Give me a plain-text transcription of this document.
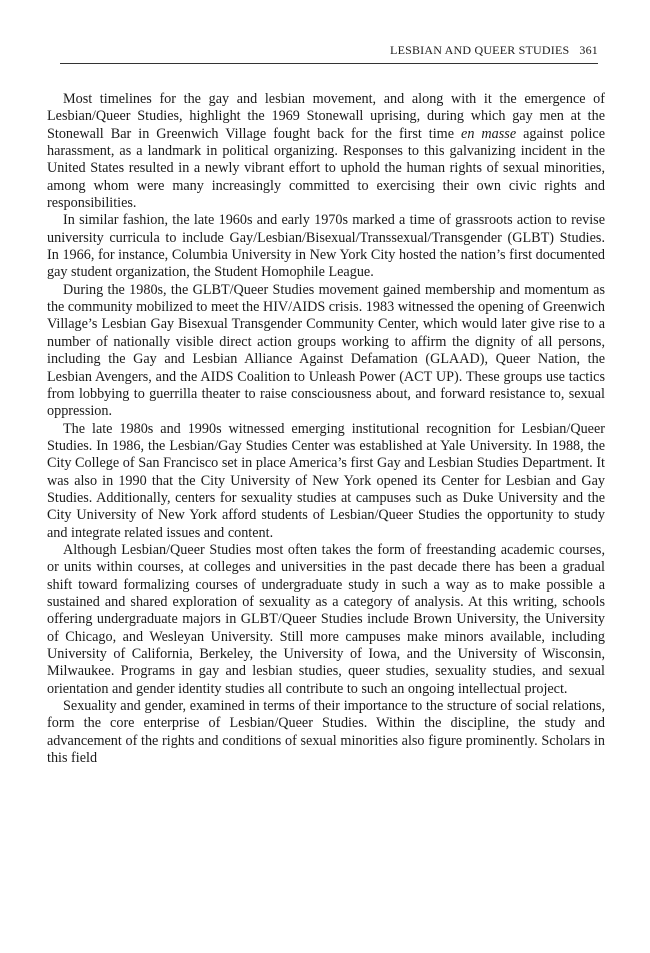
LESBIAN AND QUEER STUDIES 361

Most timelines for the gay and lesbian movement, and along with it the emergence of Lesbian/Queer Studies, highlight the 1969 Stonewall uprising, during which gay men at the Stonewall Bar in Greenwich Village fought back for the first time en masse against police harassment, as a landmark in political organizing. Responses to this galvanizing incident in the United States resulted in a newly vibrant effort to uphold the human rights of sexual minorities, among whom were many increasingly committed to exercising their own civic rights and responsibilities.

In similar fashion, the late 1960s and early 1970s marked a time of grassroots action to revise university curricula to include Gay/Lesbian/Bisexual/​Transsexual/Transgender (GLBT) Studies. In 1966, for instance, Columbia University in New York City hosted the nation’s first documented gay student organization, the Student Homophile League.

During the 1980s, the GLBT/Queer Studies movement gained membership and momentum as the community mobilized to meet the HIV/AIDS crisis. 1983 witnessed the opening of Greenwich Village’s Lesbian Gay Bisexual Transgender Community Center, which would later give rise to a number of nationally visible direct action groups working to affirm the dignity of all persons, including the Gay and Lesbian Alliance Against Defamation (GLAAD), Queer Nation, the Lesbian Avengers, and the AIDS Coalition to Unleash Power (ACT UP). These groups use tactics from lobbying to guerrilla theater to raise consciousness about, and forward resistance to, sexual oppression.

The late 1980s and 1990s witnessed emerging institutional recognition for Lesbian/Queer Studies. In 1986, the Lesbian/Gay Studies Center was established at Yale University. In 1988, the City College of San Francisco set in place America’s first Gay and Lesbian Studies Department. It was also in 1990 that the City University of New York opened its Center for Lesbian and Gay Studies. Additionally, centers for sexuality studies at campuses such as Duke University and the City University of New York afford students of Lesbian/Queer Studies the opportunity to study and integrate related issues and content.

Although Lesbian/Queer Studies most often takes the form of freestanding academic courses, or units within courses, at colleges and universities in the past decade there has been a gradual shift toward formalizing courses of undergraduate study in such a way as to make possible a sustained and shared exploration of sexuality as a category of analysis. At this writing, schools offering undergraduate majors in GLBT/Queer Studies include Brown University, the University of Chicago, and Wesleyan University. Still more campuses make minors available, including University of California, Berkeley, the University of Iowa, and the University of Wisconsin, Milwaukee. Programs in gay and lesbian studies, queer studies, sexuality studies, and sexual orientation and gender identity studies all contribute to such an ongoing intellectual project.

Sexuality and gender, examined in terms of their importance to the structure of social relations, form the core enterprise of Lesbian/Queer Studies. Within the discipline, the study and advancement of the rights and conditions of sexual minorities also figure prominently. Scholars in this field
